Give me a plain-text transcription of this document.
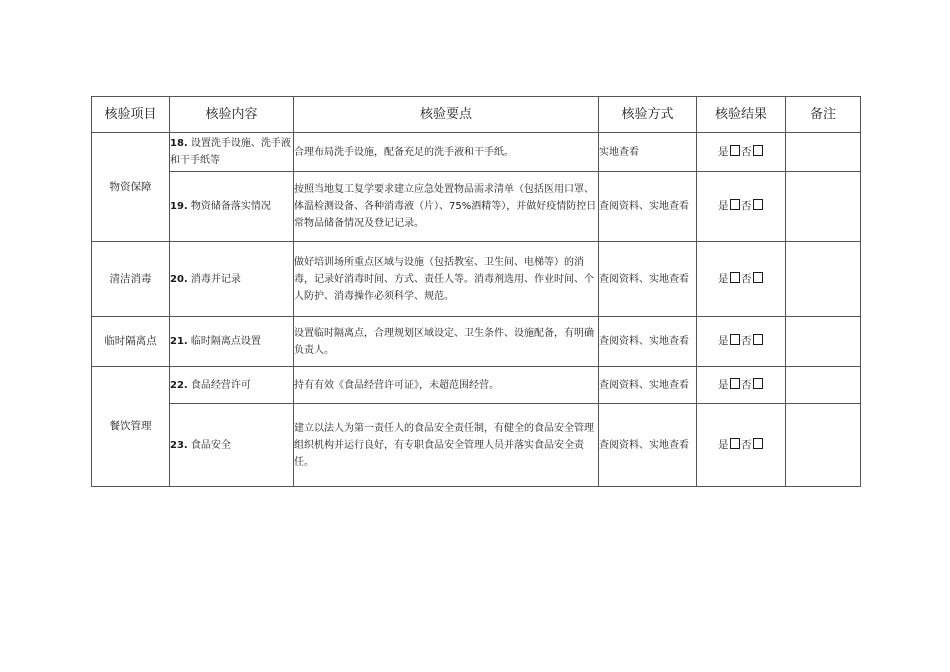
核验项目	核验内容	核验要点	核验方式	核验结果	备注
物资保障	18. 设置洗手设施、洗手液和干手纸等	合理布局洗手设施，配备充足的洗手液和干手纸。	实地查看	是 否	
	19. 物资储备落实情况	按照当地复工复学要求建立应急处置物品需求清单（包括医用口罩、体温检测设备、各种消毒液（片）、75%酒精等），并做好疫情防控日常物品储备情况及登记记录。	查阅资料、实地查看	是 否	
清洁消毒	20. 消毒并记录	做好培训场所重点区域与设施（包括教室、卫生间、电梯等）的消毒，记录好消毒时间、方式、责任人等。消毒剂选用、作业时间、个人防护、消毒操作必须科学、规范。	查阅资料、实地查看	是 否	
临时隔离点	21. 临时隔离点设置	设置临时隔离点，合理规划区域设定、卫生条件、设施配备，有明确负责人。	查阅资料、实地查看	是 否	
餐饮管理	22. 食品经营许可	持有有效《食品经营许可证》，未超范围经营。	查阅资料、实地查看	是 否	
	23. 食品安全	建立以法人为第一责任人的食品安全责任制，有健全的食品安全管理组织机构并运行良好，有专职食品安全管理人员并落实食品安全责任。	查阅资料、实地查看	是 否	
